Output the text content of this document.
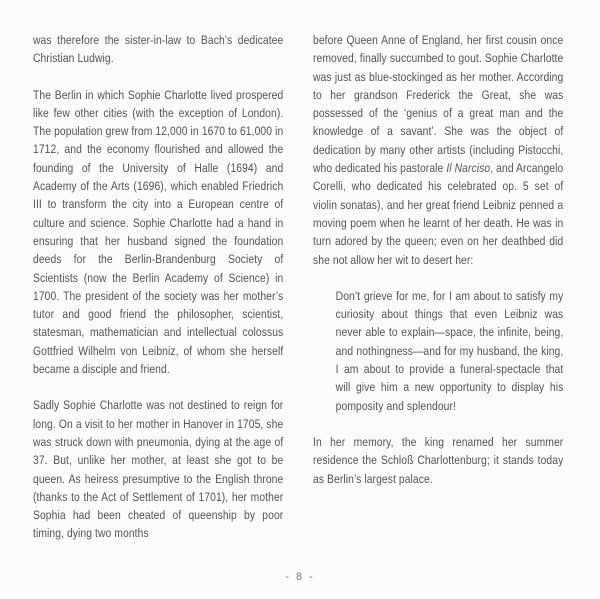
was therefore the sister-in-law to Bach’s dedicatee Christian Ludwig.

The Berlin in which Sophie Charlotte lived prospered like few other cities (with the exception of London). The population grew from 12,000 in 1670 to 61,000 in 1712, and the economy flourished and allowed the founding of the University of Halle (1694) and Academy of the Arts (1696), which enabled Friedrich III to transform the city into a European centre of culture and science. Sophie Charlotte had a hand in ensuring that her husband signed the foundation deeds for the Berlin-Brandenburg Society of Scientists (now the Berlin Academy of Science) in 1700. The president of the society was her mother’s tutor and good friend the philosopher, scientist, statesman, mathematician and intellectual colossus Gottfried Wilhelm von Leibniz, of whom she herself became a disciple and friend.

Sadly Sophie Charlotte was not destined to reign for long. On a visit to her mother in Hanover in 1705, she was struck down with pneumonia, dying at the age of 37. But, unlike her mother, at least she got to be queen. As heiress presumptive to the English throne (thanks to the Act of Settlement of 1701), her mother Sophia had been cheated of queenship by poor timing, dying two months

before Queen Anne of England, her first cousin once removed, finally succumbed to gout. Sophie Charlotte was just as blue-stockinged as her mother. According to her grandson Frederick the Great, she was possessed of the ‘genius of a great man and the knowledge of a savant’. She was the object of dedication by many other artists (including Pistocchi, who dedicated his pastorale Il Narciso, and Arcangelo Corelli, who dedicated his celebrated op. 5 set of violin sonatas), and her great friend Leibniz penned a moving poem when he learnt of her death. He was in turn adored by the queen; even on her deathbed did she not allow her wit to desert her:

Don’t grieve for me, for I am about to satisfy my curiosity about things that even Leibniz was never able to explain—space, the infinite, being, and nothingness—and for my husband, the king, I am about to provide a funeral-spectacle that will give him a new opportunity to display his pomposity and splendour!

In her memory, the king renamed her summer residence the Schloß Charlottenburg; it stands today as Berlin’s largest palace.

- 8 -
